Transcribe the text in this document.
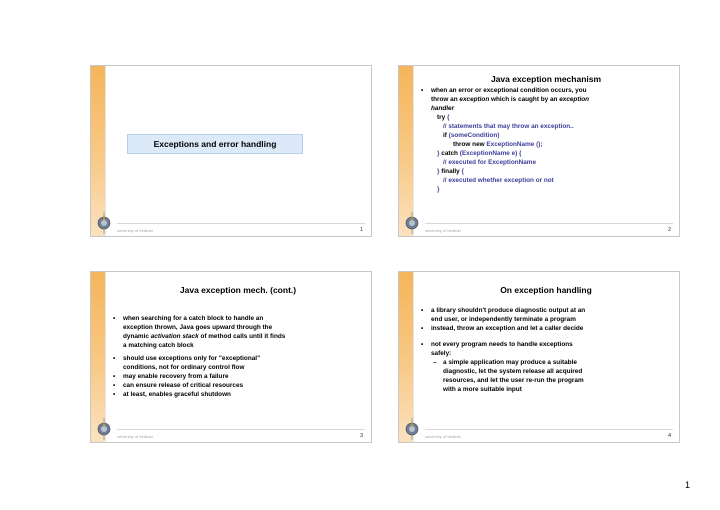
Exceptions and error handling
university of helsinki	1
Java exception mechanism
• when an error or exceptional condition occurs, you
throw an exception which is caught by an exception
handler
try {
// statements that may throw an exception..
if (someCondition)
throw new ExceptionName ();
} catch (ExceptionName e) {
// executed for ExceptionName
} finally {
// executed whether exception or not
}
university of helsinki	2
Java exception mech. (cont.)
• when searching for a catch block to handle an
exception thrown, Java goes upward through the
dynamic activation stack of method calls until it finds
a matching catch block
• should use exceptions only for "exceptional"
conditions, not for ordinary control flow
• may enable recovery from a failure
• can ensure release of critical resources
• at least, enables graceful shutdown
university of helsinki	3
On exception handling
• a library shouldn't produce diagnostic output at an
end user, or independently terminate a program
• instead, throw an exception and let a caller decide
• not every program needs to handle exceptions
safely:
– a simple application may produce a suitable
diagnostic, let the system release all acquired
resources, and let the user re-run the program
with a more suitable input
university of helsinki	4
1
